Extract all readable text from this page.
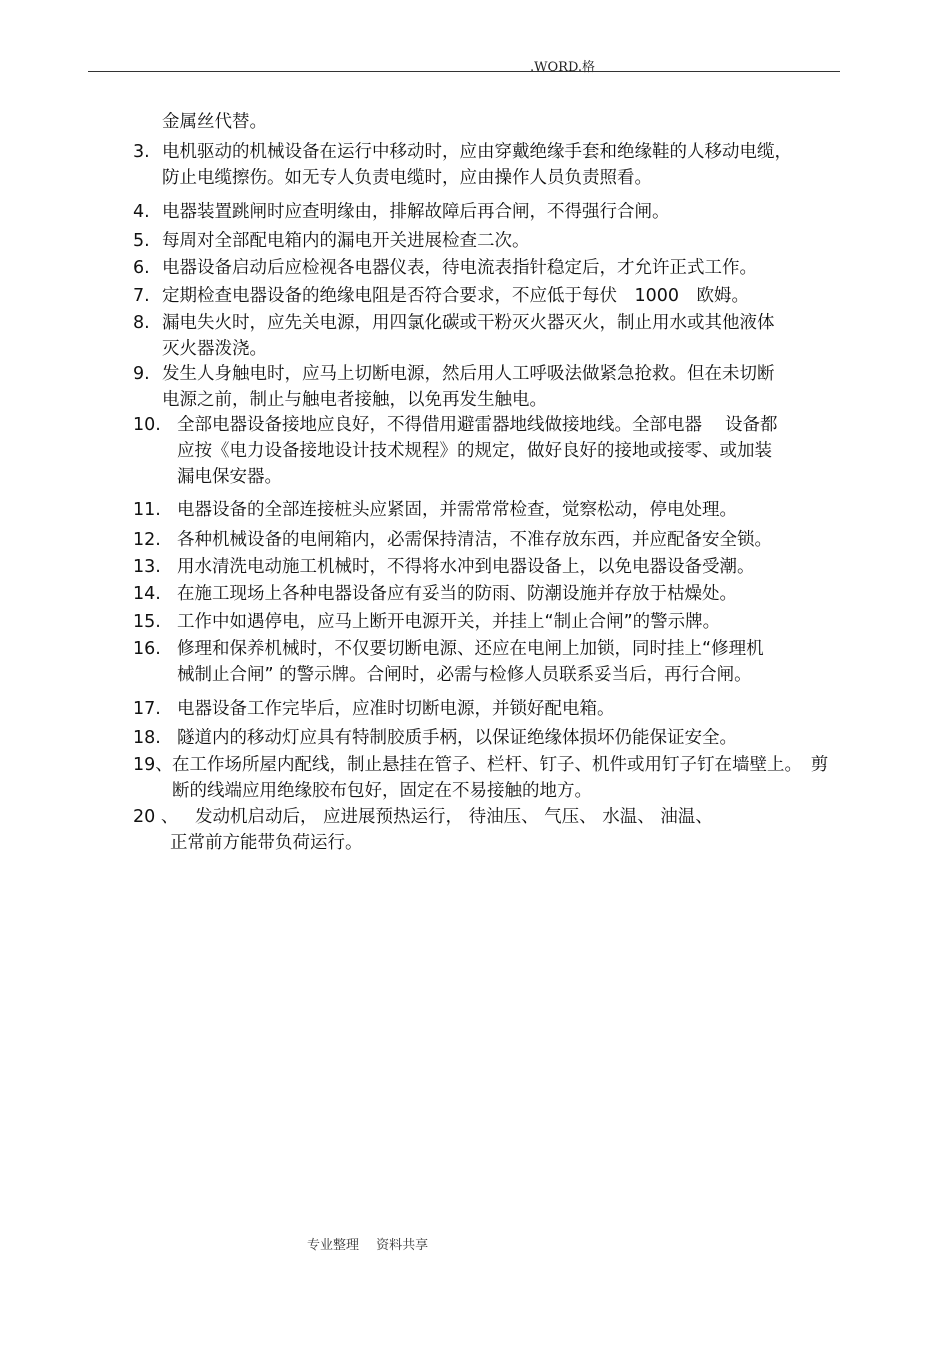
.WORD.格
金属丝代替。
3. 电机驱动的机械设备在运行中移动时，应由穿戴绝缘手套和绝缘鞋的人移动电缆，
防止电缆擦伤。如无专人负责电缆时，应由操作人员负责照看。
4. 电器装置跳闸时应查明缘由，排解故障后再合闸，不得强行合闸。
5. 每周对全部配电箱内的漏电开关进展检查二次。
6. 电器设备启动后应检视各电器仪表，待电流表指针稳定后，才允许正式工作。
7. 定期检查电器设备的绝缘电阻是否符合要求，不应低于每伏　1000　欧姆。
8. 漏电失火时，应先关电源，用四氯化碳或干粉灭火器灭火，制止用水或其他液体
灭火器泼浇。
9. 发生人身触电时，应马上切断电源，然后用人工呼吸法做紧急抢救。但在未切断
电源之前，制止与触电者接触，以免再发生触电。
10. 全部电器设备接地应良好，不得借用避雷器地线做接地线。全部电器　 设备都
应按《电力设备接地设计技术规程》的规定，做好良好的接地或接零、或加装
漏电保安器。
11. 电器设备的全部连接桩头应紧固，并需常常检查，觉察松动，停电处理。
12. 各种机械设备的电闸箱内，必需保持清洁，不准存放东西，并应配备安全锁。
13. 用水清洗电动施工机械时，不得将水冲到电器设备上，以免电器设备受潮。
14. 在施工现场上各种电器设备应有妥当的防雨、防潮设施并存放于枯燥处。
15. 工作中如遇停电，应马上断开电源开关，并挂上“制止合闸”的警示牌。
16. 修理和保养机械时，不仅要切断电源、还应在电闸上加锁，同时挂上“修理机
械制止合闸” 的警示牌。合闸时，必需与检修人员联系妥当后，再行合闸。
17. 电器设备工作完毕后，应准时切断电源，并锁好配电箱。
18. 隧道内的移动灯应具有特制胶质手柄，以保证绝缘体损坏仍能保证安全。
19、 在工作场所屋内配线，制止悬挂在管子、栏杆、钉子、机件或用钉子钉在墙壁上。　剪
断的线端应用绝缘胶布包好，固定在不易接触的地方。
20 、 发动机启动后， 应进展预热运行， 待油压、 气压、 水温、 油温、
正常前方能带负荷运行。
专业整理　 资料共享
